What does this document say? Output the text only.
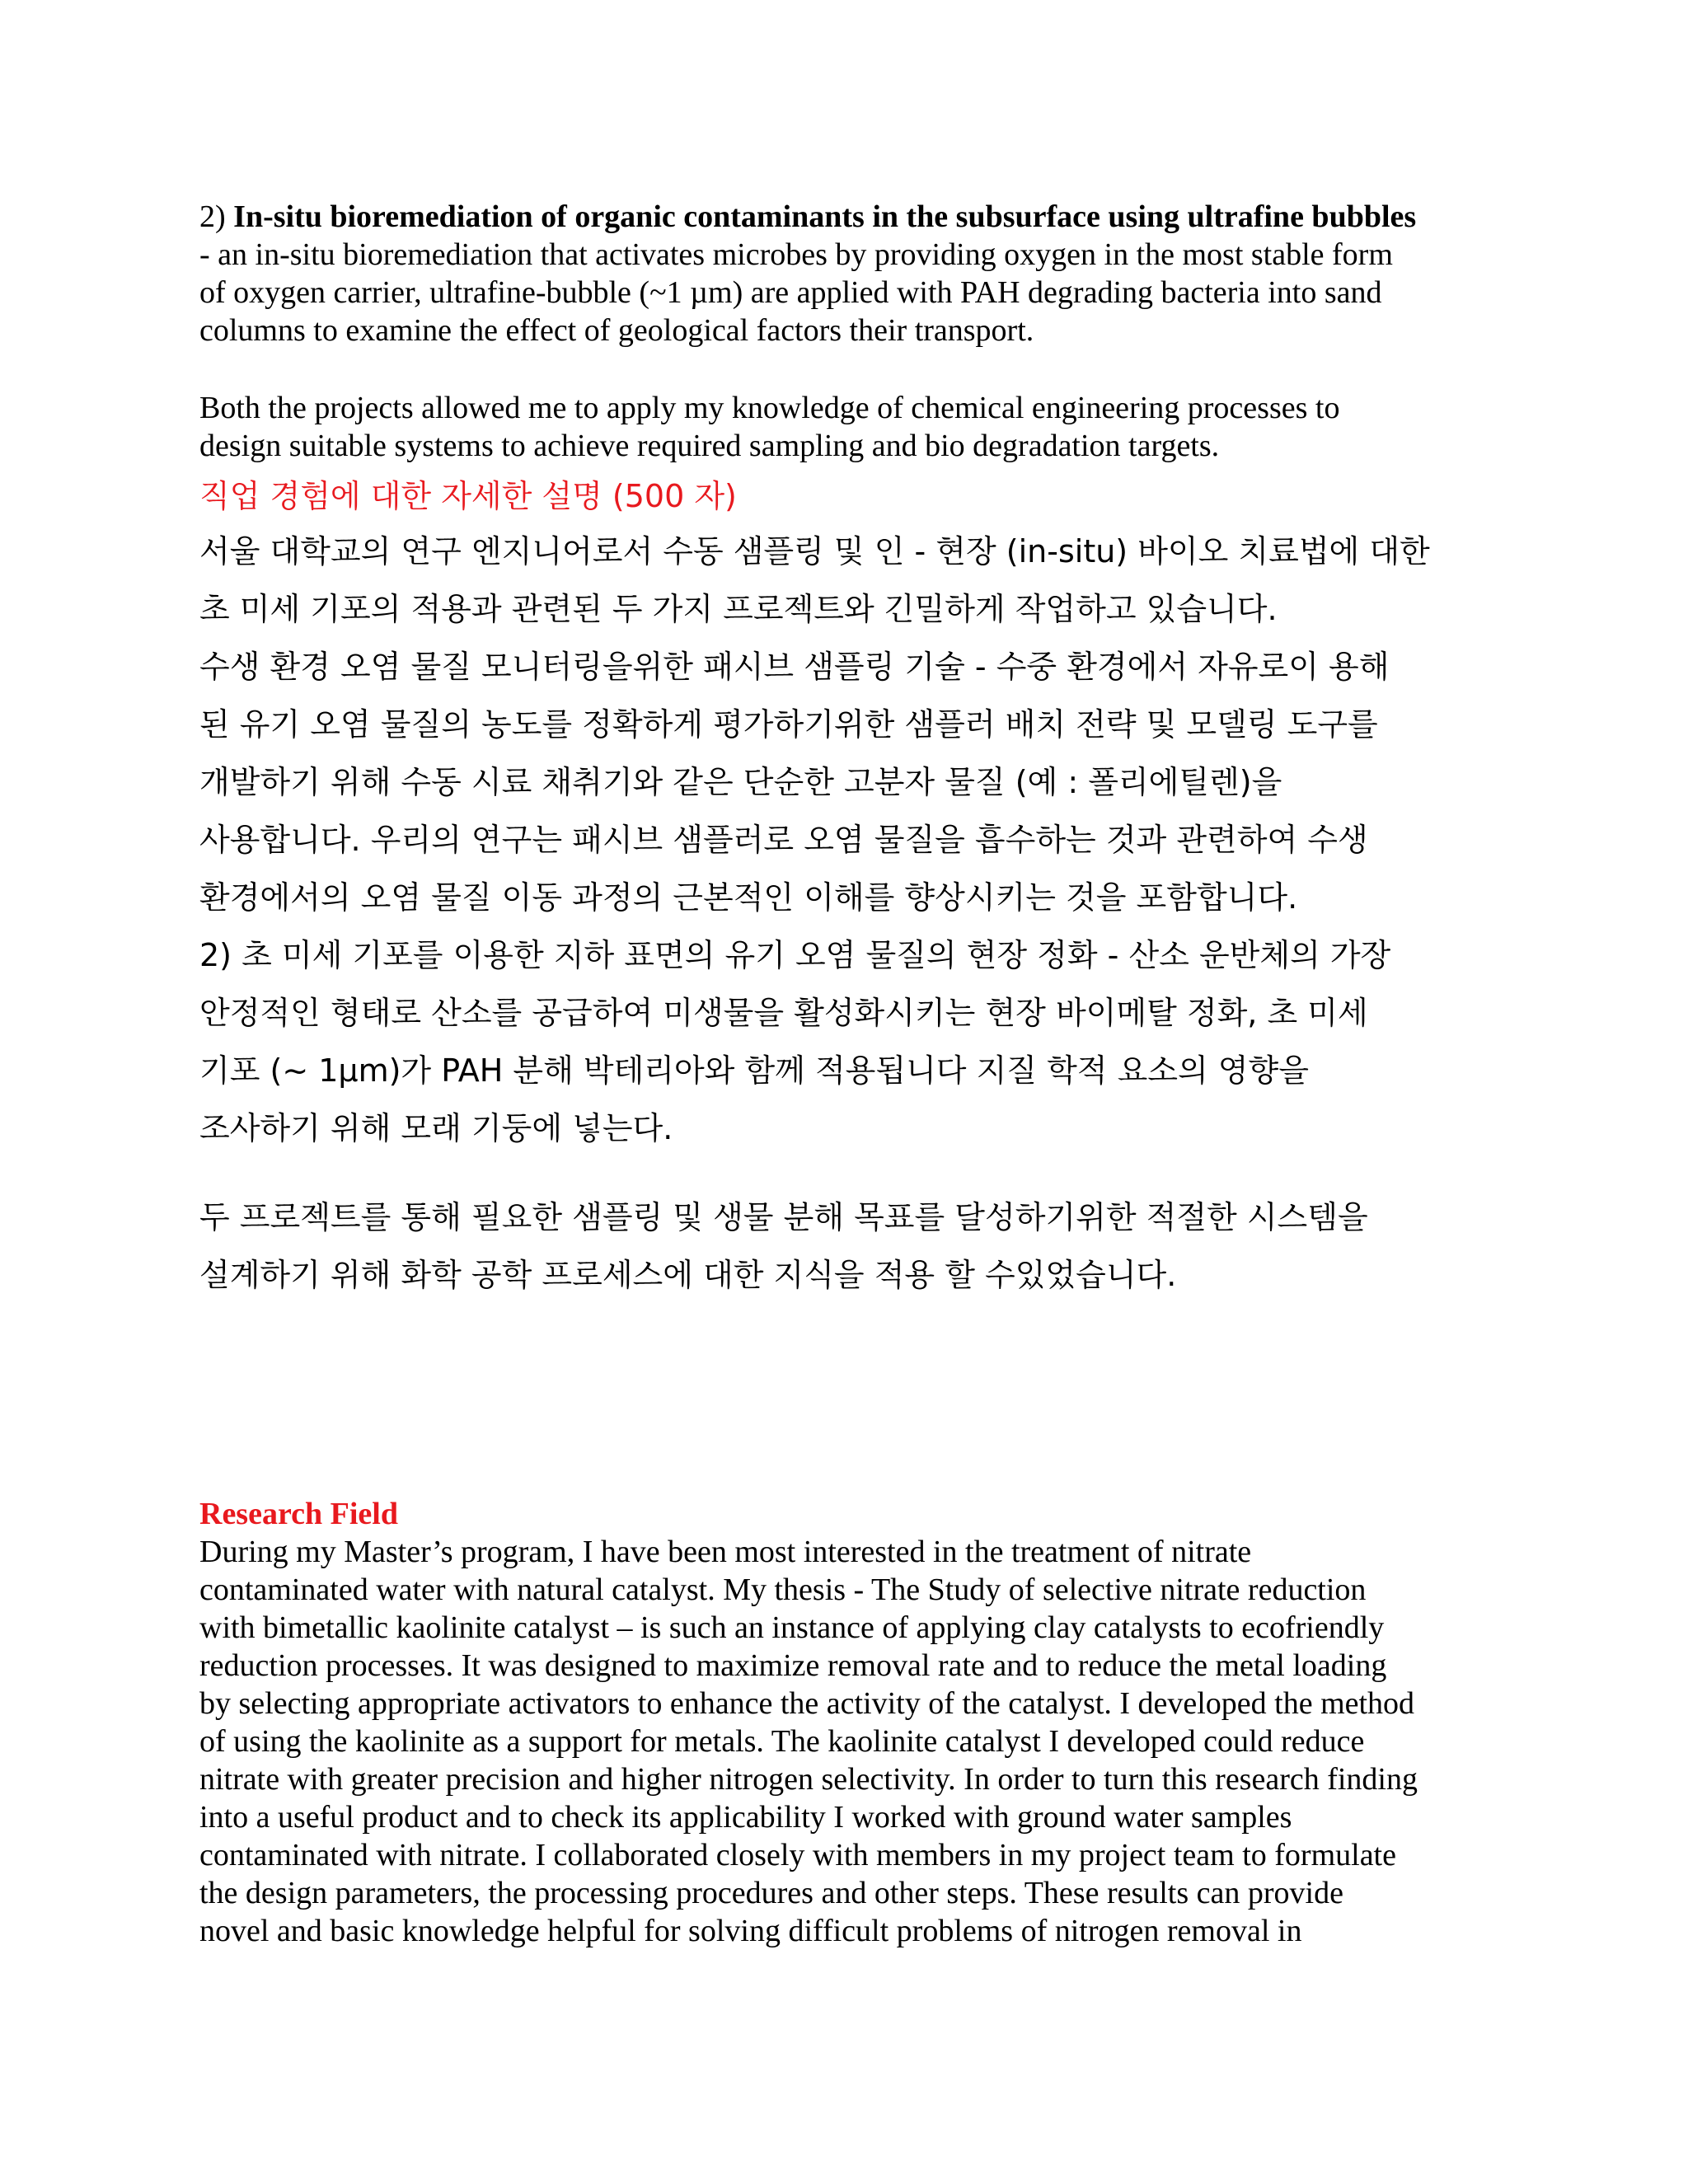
2) In-situ bioremediation of organic contaminants in the subsurface using ultrafine bubbles
- an in-situ bioremediation that activates microbes by providing oxygen in the most stable form
of oxygen carrier, ultrafine-bubble (~1 µm) are applied with PAH degrading bacteria into sand
columns to examine the effect of geological factors their transport.

Both the projects allowed me to apply my knowledge of chemical engineering processes to
design suitable systems to achieve required sampling and bio degradation targets.

직업 경험에 대한 자세한 설명 (500 자)

서울 대학교의 연구 엔지니어로서 수동 샘플링 및 인 - 현장 (in-situ) 바이오 치료법에 대한
초 미세 기포의 적용과 관련된 두 가지 프로젝트와 긴밀하게 작업하고 있습니다.
수생 환경 오염 물질 모니터링을위한 패시브 샘플링 기술 - 수중 환경에서 자유로이 용해
된 유기 오염 물질의 농도를 정확하게 평가하기위한 샘플러 배치 전략 및 모델링 도구를
개발하기 위해 수동 시료 채취기와 같은 단순한 고분자 물질 (예 : 폴리에틸렌)을
사용합니다. 우리의 연구는 패시브 샘플러로 오염 물질을 흡수하는 것과 관련하여 수생
환경에서의 오염 물질 이동 과정의 근본적인 이해를 향상시키는 것을 포함합니다.
2) 초 미세 기포를 이용한 지하 표면의 유기 오염 물질의 현장 정화 - 산소 운반체의 가장
안정적인 형태로 산소를 공급하여 미생물을 활성화시키는 현장 바이메탈 정화, 초 미세
기포 (~ 1µm)가 PAH 분해 박테리아와 함께 적용됩니다 지질 학적 요소의 영향을
조사하기 위해 모래 기둥에 넣는다.

두 프로젝트를 통해 필요한 샘플링 및 생물 분해 목표를 달성하기위한 적절한 시스템을
설계하기 위해 화학 공학 프로세스에 대한 지식을 적용 할 수있었습니다.

Research Field

During my Master’s program, I have been most interested in the treatment of nitrate
contaminated water with natural catalyst. My thesis - The Study of selective nitrate reduction
with bimetallic kaolinite catalyst – is such an instance of applying clay catalysts to ecofriendly
reduction processes. It was designed to maximize removal rate and to reduce the metal loading
by selecting appropriate activators to enhance the activity of the catalyst. I developed the method
of using the kaolinite as a support for metals. The kaolinite catalyst I developed could reduce
nitrate with greater precision and higher nitrogen selectivity. In order to turn this research finding
into a useful product and to check its applicability I worked with ground water samples
contaminated with nitrate. I collaborated closely with members in my project team to formulate
the design parameters, the processing procedures and other steps. These results can provide
novel and basic knowledge helpful for solving difficult problems of nitrogen removal in
